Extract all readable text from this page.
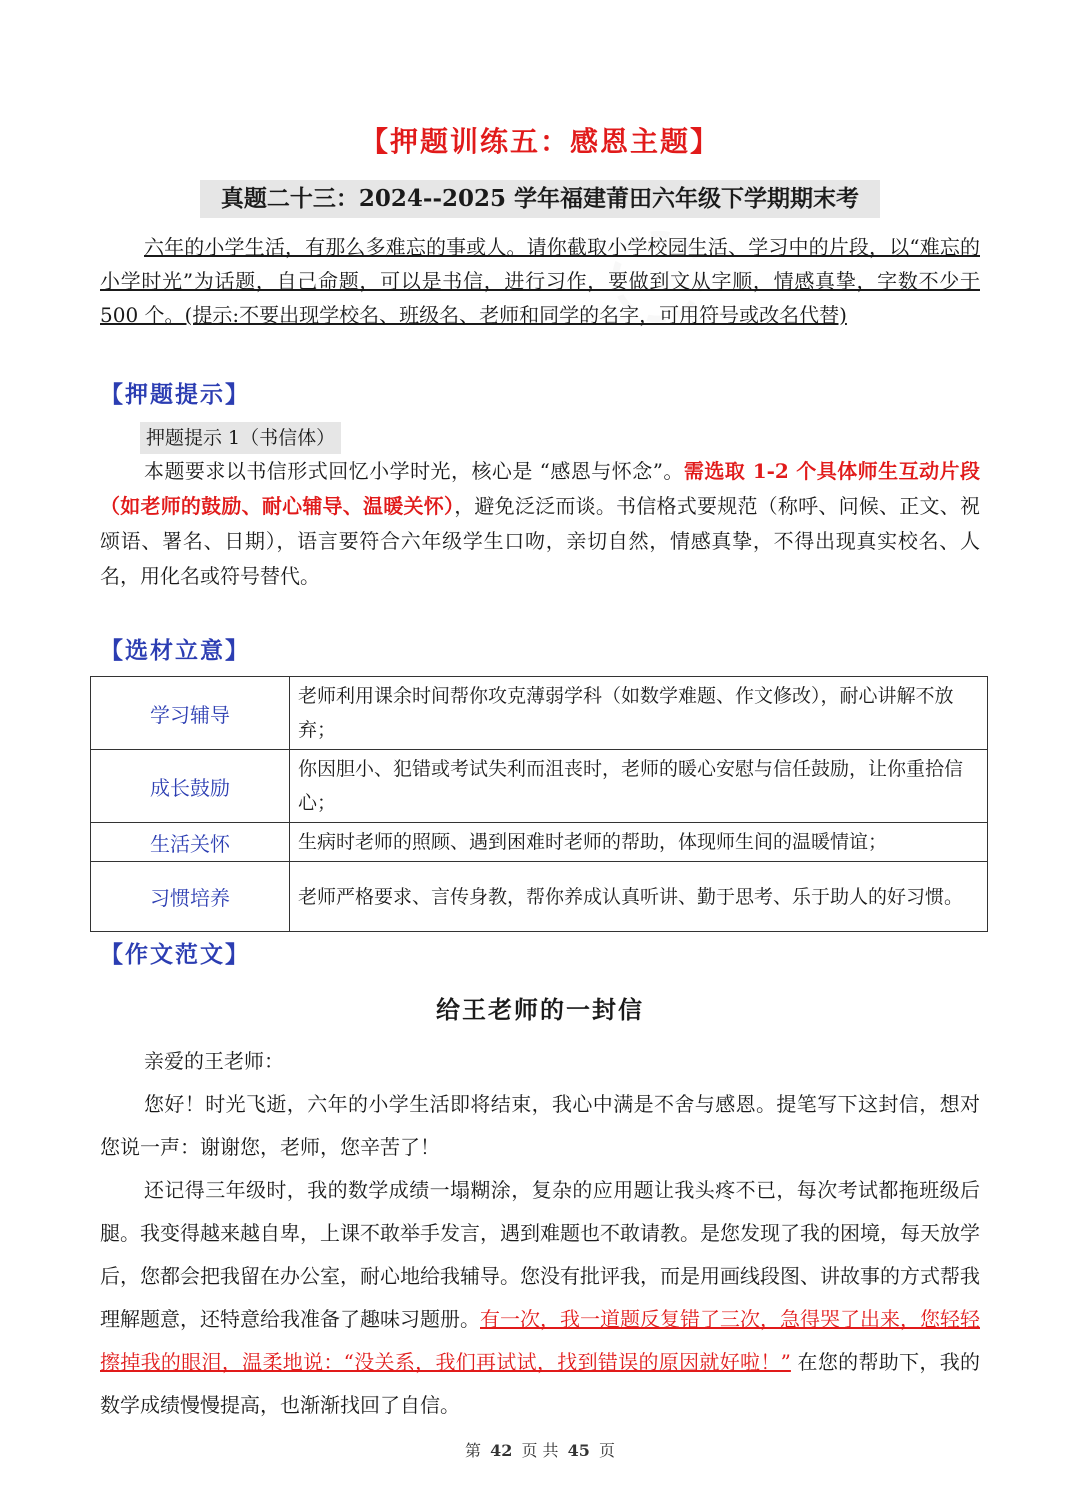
◌
【押题训练五：感恩主题】
真题二十三：2024--2025 学年福建莆田六年级下学期期末考
六年的小学生活，有那么多难忘的事或人。请你截取小学校园生活、学习中的片段，以“难忘的小学时光”为话题，自己命题，可以是书信，进行习作，要做到文从字顺，情感真挚，字数不少于 500 个。(提示:不要出现学校名、班级名、老师和同学的名字，可用符号或改名代替)
【押题提示】
押题提示 1（书信体）
本题要求以书信形式回忆小学时光，核心是 “感恩与怀念”。需选取 1-2 个具体师生互动片段（如老师的鼓励、耐心辅导、温暖关怀），避免泛泛而谈。书信格式要规范（称呼、问候、正文、祝颂语、署名、日期），语言要符合六年级学生口吻，亲切自然，情感真挚，不得出现真实校名、人名，用化名或符号替代。
【选材立意】
学习辅导	老师利用课余时间帮你攻克薄弱学科（如数学难题、作文修改），耐心讲解不放弃；
成长鼓励	你因胆小、犯错或考试失利而沮丧时，老师的暖心安慰与信任鼓励，让你重拾信心；
生活关怀	生病时老师的照顾、遇到困难时老师的帮助，体现师生间的温暖情谊；
习惯培养	老师严格要求、言传身教，帮你养成认真听讲、勤于思考、乐于助人的好习惯。
【作文范文】
给王老师的一封信

亲爱的王老师：

您好！时光飞逝，六年的小学生活即将结束，我心中满是不舍与感恩。提笔写下这封信，想对您说一声：谢谢您，老师，您辛苦了！

还记得三年级时，我的数学成绩一塌糊涂，复杂的应用题让我头疼不已，每次考试都拖班级后腿。我变得越来越自卑，上课不敢举手发言，遇到难题也不敢请教。是您发现了我的困境，每天放学后，您都会把我留在办公室，耐心地给我辅导。您没有批评我，而是用画线段图、讲故事的方式帮我理解题意，还特意给我准备了趣味习题册。有一次，我一道题反复错了三次，急得哭了出来，您轻轻擦掉我的眼泪，温柔地说：“没关系，我们再试试，找到错误的原因就好啦！” 在您的帮助下，我的数学成绩慢慢提高，也渐渐找回了自信。

第 42 页 共 45 页
